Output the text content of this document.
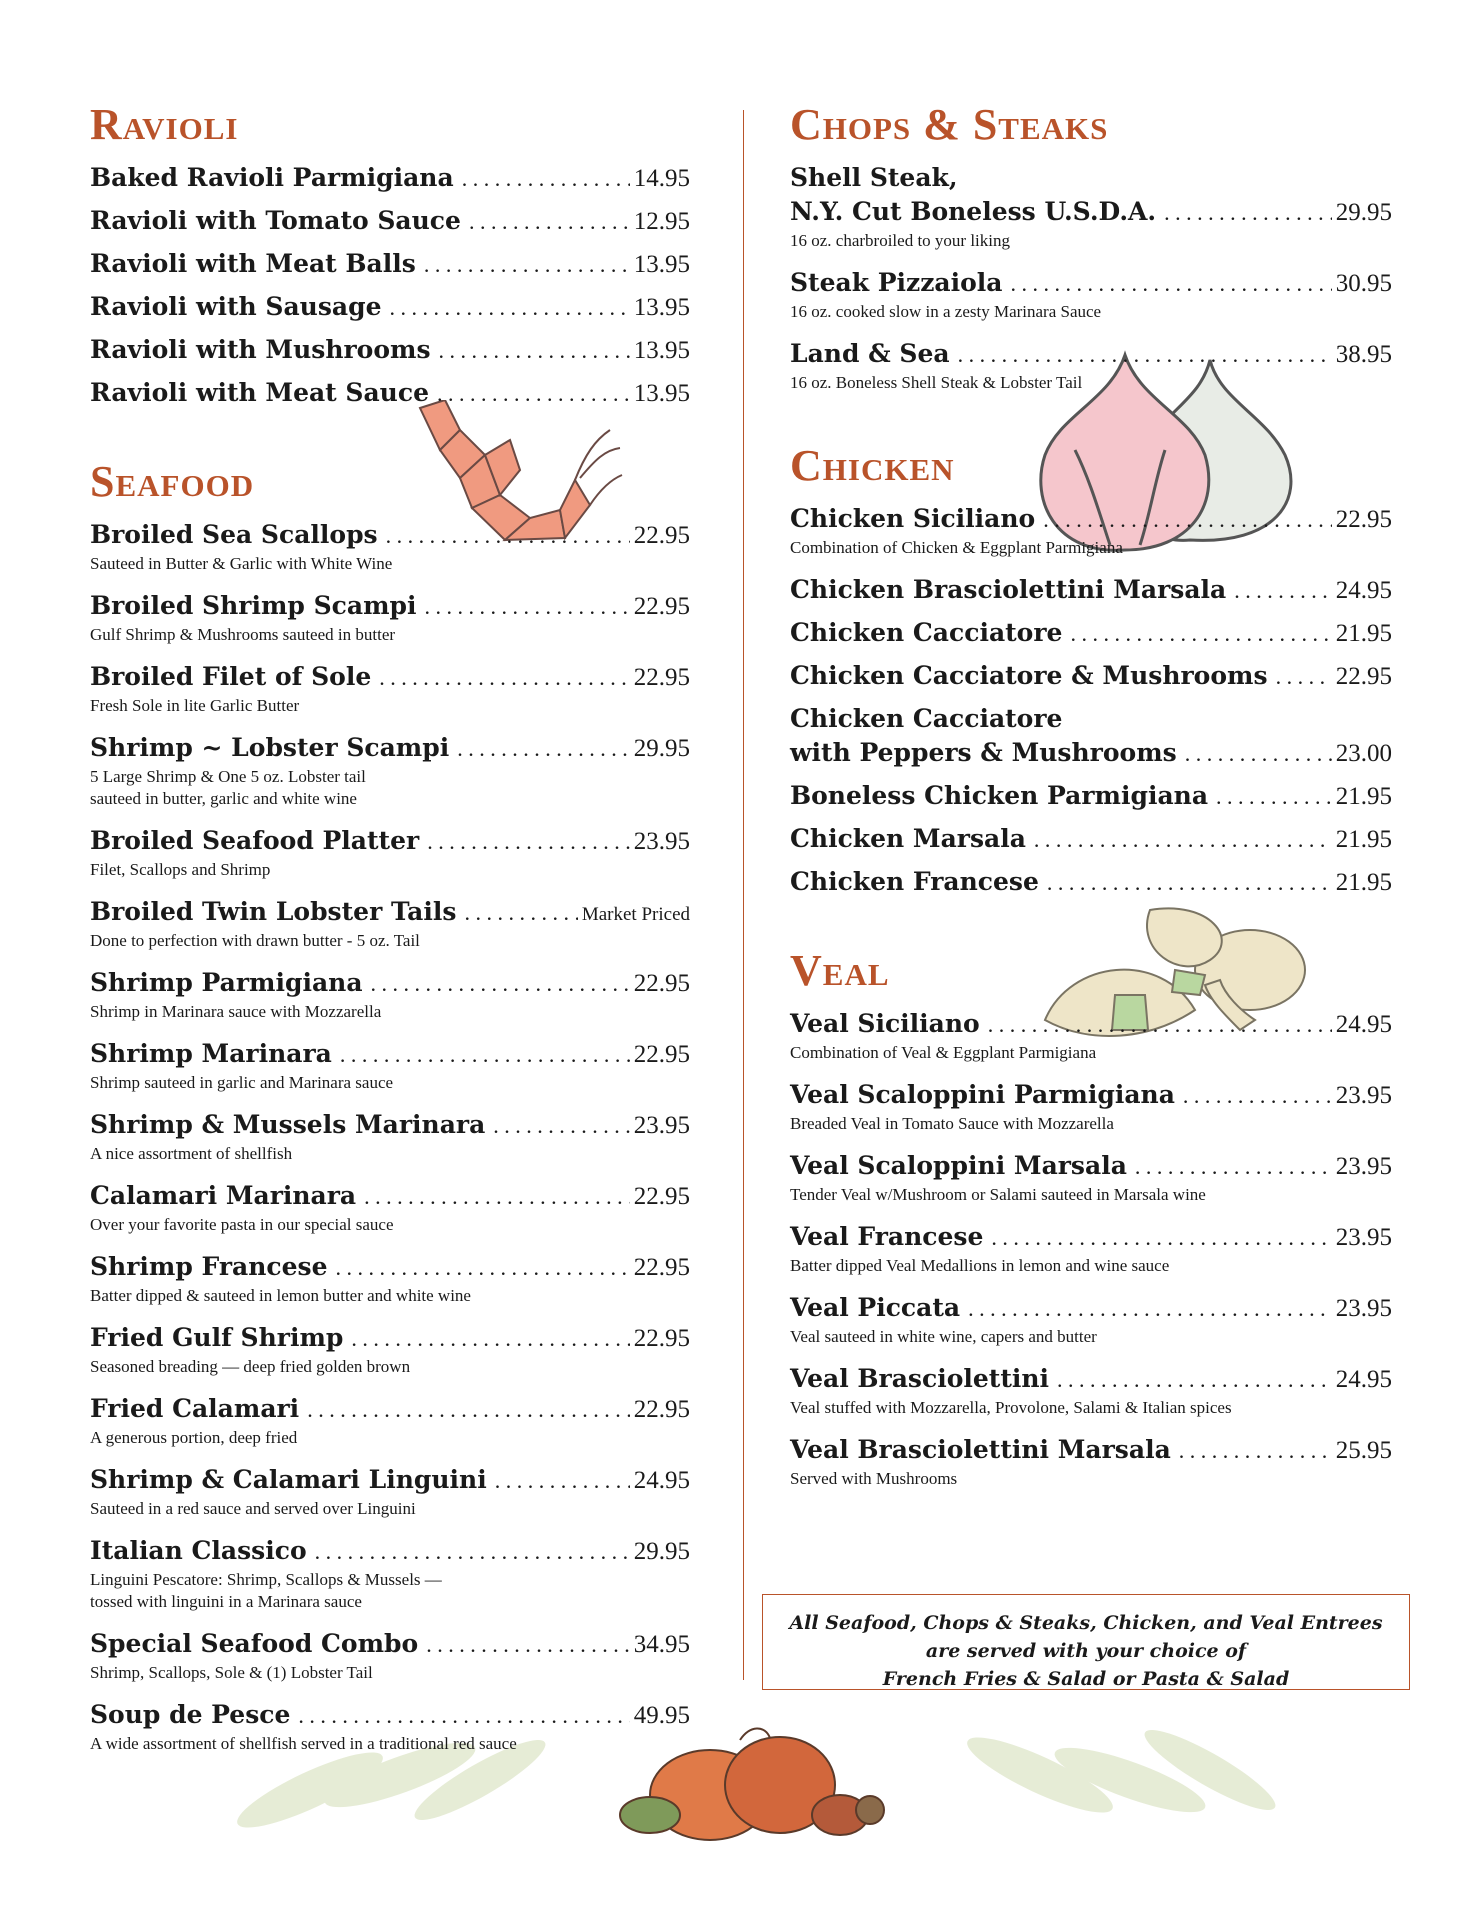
Ravioli
Baked Ravioli Parmigiana . . .	14.95
Ravioli with Tomato Sauce . . .	12.95
Ravioli with Meat Balls . . .	13.95
Ravioli with Sausage . . .	13.95
Ravioli with Mushrooms . . .	13.95
Ravioli with Meat Sauce . . .	13.95
Seafood
Broiled Sea Scallops . . .	22.95
Sauteed in Butter & Garlic with White Wine
Broiled Shrimp Scampi . . .	22.95
Gulf Shrimp & Mushrooms sauteed in butter
Broiled Filet of Sole . . .	22.95
Fresh Sole in lite Garlic Butter
Shrimp ~ Lobster Scampi . . .	29.95
5 Large Shrimp & One 5 oz. Lobster tail
sauteed in butter, garlic and white wine
Broiled Seafood Platter . . .	23.95
Filet, Scallops and Shrimp
Broiled Twin Lobster Tails . . .	Market Priced
Done to perfection with drawn butter - 5 oz. Tail
Shrimp Parmigiana . . .	22.95
Shrimp in Marinara sauce with Mozzarella
Shrimp Marinara . . .	22.95
Shrimp sauteed in garlic and Marinara sauce
Shrimp & Mussels Marinara . . .	23.95
A nice assortment of shellfish
Calamari Marinara . . .	22.95
Over your favorite pasta in our special sauce
Shrimp Francese . . .	22.95
Batter dipped & sauteed in lemon butter and white wine
Fried Gulf Shrimp . . .	22.95
Seasoned breading — deep fried golden brown
Fried Calamari . . .	22.95
A generous portion, deep fried
Shrimp & Calamari Linguini . . .	24.95
Sauteed in a red sauce and served over Linguini
Italian Classico . . .	29.95
Linguini Pescatore: Shrimp, Scallops & Mussels —
tossed with linguini in a Marinara sauce
Special Seafood Combo . . .	34.95
Shrimp, Scallops, Sole & (1) Lobster Tail
Soup de Pesce . . .	49.95
A wide assortment of shellfish served in a traditional red sauce
Chops & Steaks
Shell Steak,
N.Y. Cut Boneless U.S.D.A. . . .	29.95
16 oz. charbroiled to your liking
Steak Pizzaiola . . .	30.95
16 oz. cooked slow in a zesty Marinara Sauce
Land & Sea . . .	38.95
16 oz. Boneless Shell Steak & Lobster Tail
Chicken
Chicken Siciliano . . .	22.95
Combination of Chicken & Eggplant Parmigiana
Chicken Brasciolettini Marsala . . .	24.95
Chicken Cacciatore . . .	21.95
Chicken Cacciatore & Mushrooms . . .	22.95
Chicken Cacciatore
with Peppers & Mushrooms . . .	23.00
Boneless Chicken Parmigiana . . .	21.95
Chicken Marsala . . .	21.95
Chicken Francese . . .	21.95
Veal
Veal Siciliano . . .	24.95
Combination of Veal & Eggplant Parmigiana
Veal Scaloppini Parmigiana . . .	23.95
Breaded Veal in Tomato Sauce with Mozzarella
Veal Scaloppini Marsala . . .	23.95
Tender Veal w/Mushroom or Salami sauteed in Marsala wine
Veal Francese . . .	23.95
Batter dipped Veal Medallions in lemon and wine sauce
Veal Piccata . . .	23.95
Veal sauteed in white wine, capers and butter
Veal Brasciolettini . . .	24.95
Veal stuffed with Mozzarella, Provolone, Salami & Italian spices
Veal Brasciolettini Marsala . . .	25.95
Served with Mushrooms
All Seafood, Chops & Steaks, Chicken, and Veal Entrees
are served with your choice of
French Fries & Salad or Pasta & Salad
